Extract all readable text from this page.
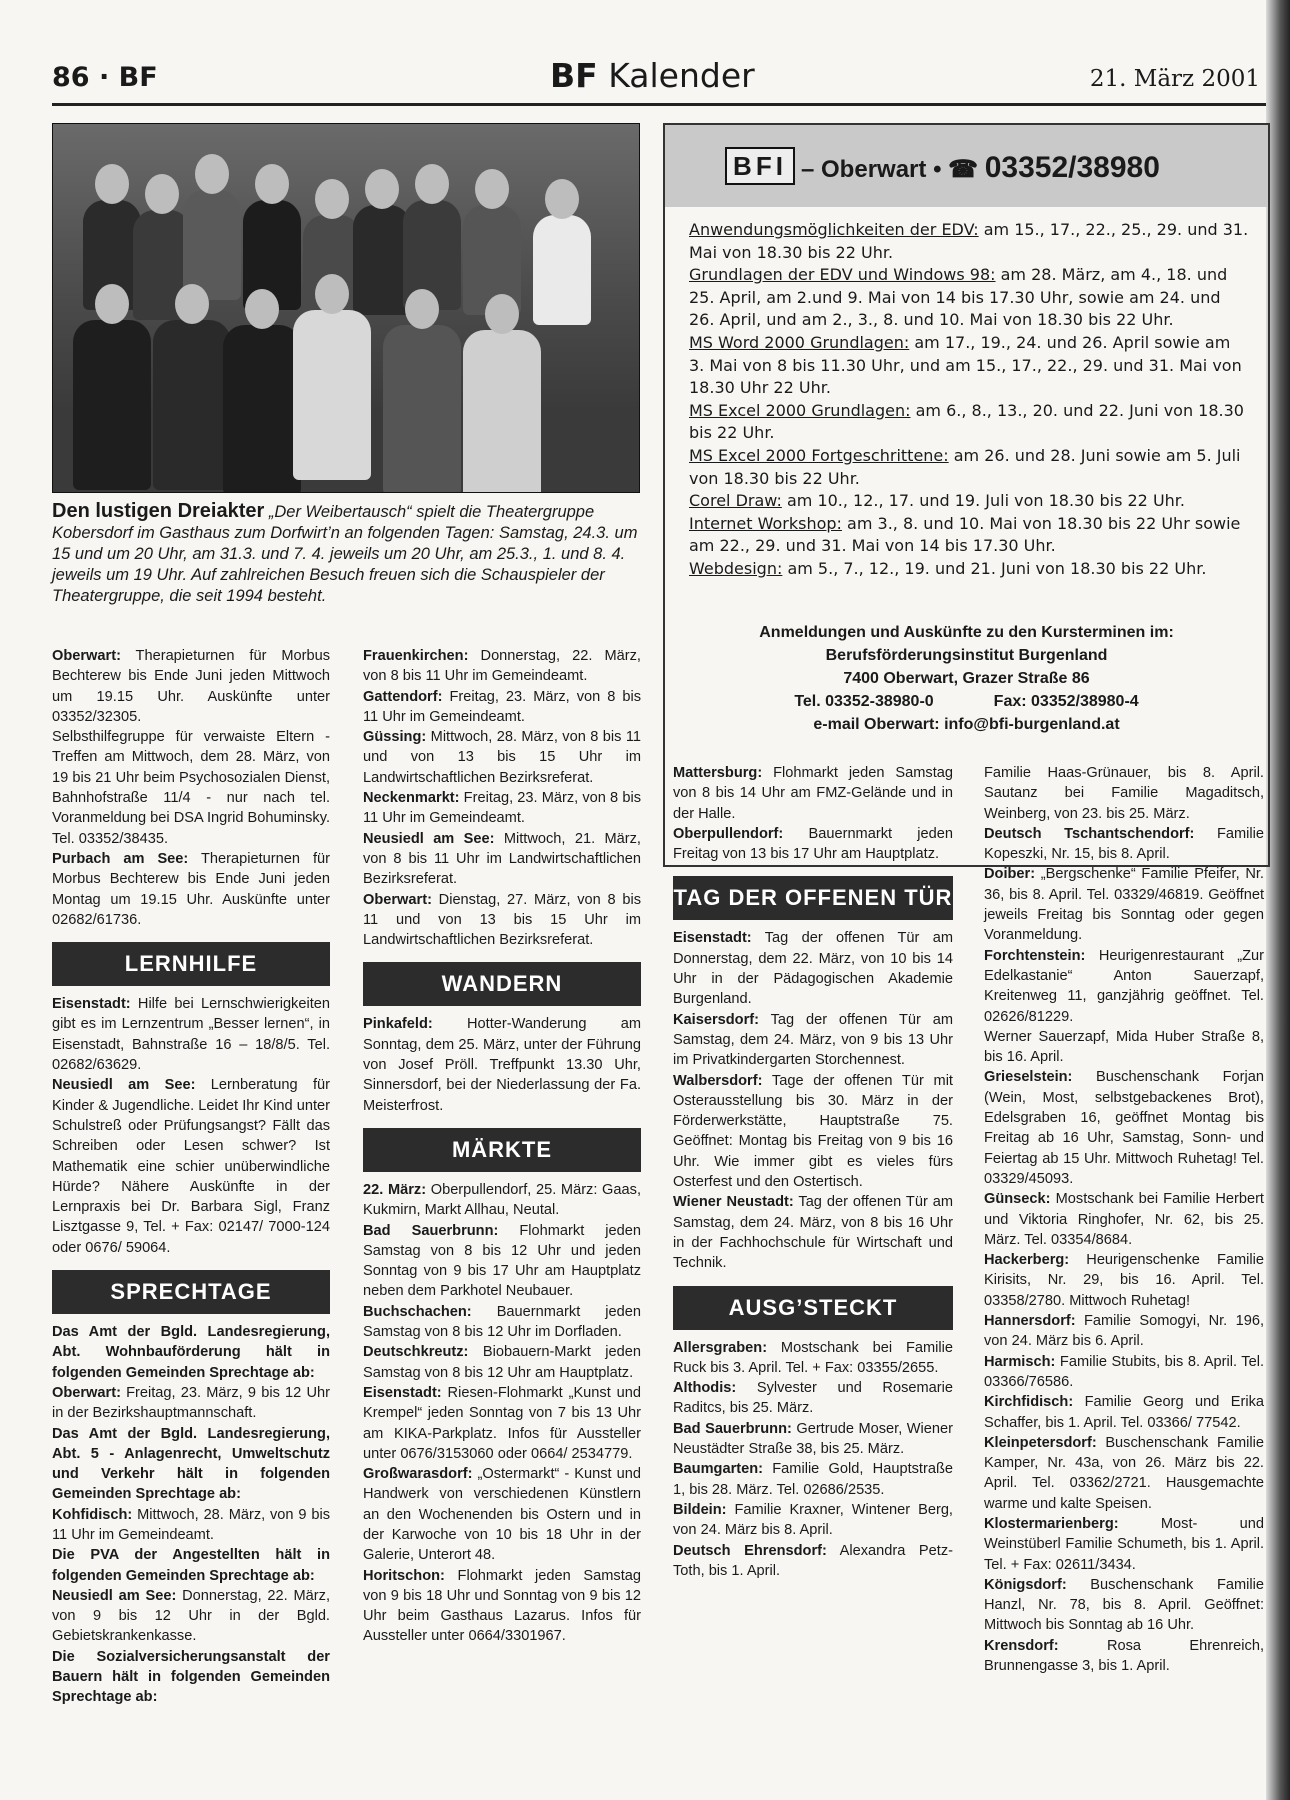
86 · BF	BF Kalender	21. März 2001
Den lustigen Dreiakter „Der Weibertausch“ spielt die Theatergruppe Kobersdorf im Gasthaus zum Dorfwirt’n an folgenden Tagen: Samstag, 24.3. um 15 und um 20 Uhr, am 31.3. und 7. 4. jeweils um 20 Uhr, am 25.3., 1. und 8. 4. jeweils um 19 Uhr. Auf zahlreichen Besuch freuen sich die Schauspieler der Theatergruppe, die seit 1994 besteht.

Oberwart: Therapieturnen für Morbus Bechterew bis Ende Juni jeden Mittwoch um 19.15 Uhr. Auskünfte unter 03352/32305.

Selbsthilfegruppe für verwaiste Eltern - Treffen am Mittwoch, dem 28. März, von 19 bis 21 Uhr beim Psychosozialen Dienst, Bahnhofstraße 11/4 - nur nach tel. Voranmeldung bei DSA Ingrid Bohuminsky. Tel. 03352/38435.

Purbach am See: Therapieturnen für Morbus Bechterew bis Ende Juni jeden Montag um 19.15 Uhr. Auskünfte unter 02682/61736.

LERNHILFE

Eisenstadt: Hilfe bei Lernschwierigkeiten gibt es im Lernzentrum „Besser lernen“, in Eisenstadt, Bahnstraße 16 – 18/8/5. Tel. 02682/63629.

Neusiedl am See: Lernberatung für Kinder & Jugendliche. Leidet Ihr Kind unter Schulstreß oder Prüfungsangst? Fällt das Schreiben oder Lesen schwer? Ist Mathematik eine schier unüberwindliche Hürde? Nähere Auskünfte in der Lernpraxis bei Dr. Barbara Sigl, Franz Lisztgasse 9, Tel. + Fax: 02147/ 7000-124 oder 0676/ 59064.

SPRECHTAGE

Das Amt der Bgld. Landesregierung, Abt. Wohnbauförderung hält in folgenden Gemeinden Sprechtage ab:

Oberwart: Freitag, 23. März, 9 bis 12 Uhr in der Bezirkshauptmannschaft.

Das Amt der Bgld. Landesregierung, Abt. 5 - Anlagenrecht, Umweltschutz und Verkehr hält in folgenden Gemeinden Sprechtage ab:

Kohfidisch: Mittwoch, 28. März, von 9 bis 11 Uhr im Gemeindeamt.

Die PVA der Angestellten hält in folgenden Gemeinden Sprechtage ab:

Neusiedl am See: Donnerstag, 22. März, von 9 bis 12 Uhr in der Bgld. Gebietskrankenkasse.

Die Sozialversicherungsanstalt der Bauern hält in folgenden Gemeinden Sprechtage ab:

Frauenkirchen: Donnerstag, 22. März, von 8 bis 11 Uhr im Gemeindeamt.

Gattendorf: Freitag, 23. März, von 8 bis 11 Uhr im Gemeindeamt.

Güssing: Mittwoch, 28. März, von 8 bis 11 und von 13 bis 15 Uhr im Landwirtschaftlichen Bezirksreferat.

Neckenmarkt: Freitag, 23. März, von 8 bis 11 Uhr im Gemeindeamt.

Neusiedl am See: Mittwoch, 21. März, von 8 bis 11 Uhr im Landwirtschaftlichen Bezirksreferat.

Oberwart: Dienstag, 27. März, von 8 bis 11 und von 13 bis 15 Uhr im Landwirtschaftlichen Bezirksreferat.

WANDERN

Pinkafeld: Hotter-Wanderung am Sonntag, dem 25. März, unter der Führung von Josef Pröll. Treffpunkt 13.30 Uhr, Sinnersdorf, bei der Niederlassung der Fa. Meisterfrost.

MÄRKTE

22. März: Oberpullendorf, 25. März: Gaas, Kukmirn, Markt Allhau, Neutal.

Bad Sauerbrunn: Flohmarkt jeden Samstag von 8 bis 12 Uhr und jeden Sonntag von 9 bis 17 Uhr am Hauptplatz neben dem Parkhotel Neubauer.

Buchschachen: Bauernmarkt jeden Samstag von 8 bis 12 Uhr im Dorfladen.

Deutschkreutz: Biobauern-Markt jeden Samstag von 8 bis 12 Uhr am Hauptplatz.

Eisenstadt: Riesen-Flohmarkt „Kunst und Krempel“ jeden Sonntag von 7 bis 13 Uhr am KIKA-Parkplatz. Infos für Aussteller unter 0676/3153060 oder 0664/ 2534779.

Großwarasdorf: „Ostermarkt“ - Kunst und Handwerk von verschiedenen Künstlern an den Wochenenden bis Ostern und in der Karwoche von 10 bis 18 Uhr in der Galerie, Unterort 48.

Horitschon: Flohmarkt jeden Samstag von 9 bis 18 Uhr und Sonntag von 9 bis 12 Uhr beim Gasthaus Lazarus. Infos für Aussteller unter 0664/3301967.

BFI – Oberwart • ☎ 03352/38980

Anwendungsmöglichkeiten der EDV: am 15., 17., 22., 25., 29. und 31. Mai von 18.30 bis 22 Uhr.

Grundlagen der EDV und Windows 98: am 28. März, am 4., 18. und 25. April, am 2.und 9. Mai von 14 bis 17.30 Uhr, sowie am 24. und 26. April, und am 2., 3., 8. und 10. Mai von 18.30 bis 22 Uhr.

MS Word 2000 Grundlagen: am 17., 19., 24. und 26. April sowie am 3. Mai von 8 bis 11.30 Uhr, und am 15., 17., 22., 29. und 31. Mai von 18.30 Uhr 22 Uhr.

MS Excel 2000 Grundlagen: am 6., 8., 13., 20. und 22. Juni von 18.30 bis 22 Uhr.

MS Excel 2000 Fortgeschrittene: am 26. und 28. Juni sowie am 5. Juli von 18.30 bis 22 Uhr.

Corel Draw: am 10., 12., 17. und 19. Juli von 18.30 bis 22 Uhr.

Internet Workshop: am 3., 8. und 10. Mai von 18.30 bis 22 Uhr sowie am 22., 29. und 31. Mai von 14 bis 17.30 Uhr.

Webdesign: am 5., 7., 12., 19. und 21. Juni von 18.30 bis 22 Uhr.

Anmeldungen und Auskünfte zu den Kursterminen im:
Berufsförderungsinstitut Burgenland
7400 Oberwart, Grazer Straße 86
Tel. 03352-38980-0	Fax: 03352/38980-4
e-mail Oberwart: info@bfi-burgenland.at

Mattersburg: Flohmarkt jeden Samstag von 8 bis 14 Uhr am FMZ-Gelände und in der Halle.

Oberpullendorf: Bauernmarkt jeden Freitag von 13 bis 17 Uhr am Hauptplatz.

TAG DER OFFENEN TÜR

Eisenstadt: Tag der offenen Tür am Donnerstag, dem 22. März, von 10 bis 14 Uhr in der Pädagogischen Akademie Burgenland.

Kaisersdorf: Tag der offenen Tür am Samstag, dem 24. März, von 9 bis 13 Uhr im Privatkindergarten Storchennest.

Walbersdorf: Tage der offenen Tür mit Osterausstellung bis 30. März in der Förderwerkstätte, Hauptstraße 75. Geöffnet: Montag bis Freitag von 9 bis 16 Uhr. Wie immer gibt es vieles fürs Osterfest und den Ostertisch.

Wiener Neustadt: Tag der offenen Tür am Samstag, dem 24. März, von 8 bis 16 Uhr in der Fachhochschule für Wirtschaft und Technik.

AUSG’STECKT

Allersgraben: Mostschank bei Familie Ruck bis 3. April. Tel. + Fax: 03355/2655.

Althodis: Sylvester und Rosemarie Raditcs, bis 25. März.

Bad Sauerbrunn: Gertrude Moser, Wiener Neustädter Straße 38, bis 25. März.

Baumgarten: Familie Gold, Hauptstraße 1, bis 28. März. Tel. 02686/2535.

Bildein: Familie Kraxner, Wintener Berg, von 24. März bis 8. April.

Deutsch Ehrensdorf: Alexandra Petz-Toth, bis 1. April.

Familie Haas-Grünauer, bis 8. April. Sautanz bei Familie Magaditsch, Weinberg, von 23. bis 25. März.

Deutsch Tschantschendorf: Familie Kopeszki, Nr. 15, bis 8. April.

Doiber: „Bergschenke“ Familie Pfeifer, Nr. 36, bis 8. April. Tel. 03329/46819. Geöffnet jeweils Freitag bis Sonntag oder gegen Voranmeldung.

Forchtenstein: Heurigenrestaurant „Zur Edelkastanie“ Anton Sauerzapf, Kreitenweg 11, ganzjährig geöffnet. Tel. 02626/81229.

Werner Sauerzapf, Mida Huber Straße 8, bis 16. April.

Grieselstein: Buschenschank Forjan (Wein, Most, selbstgebackenes Brot), Edelsgraben 16, geöffnet Montag bis Freitag ab 16 Uhr, Samstag, Sonn- und Feiertag ab 15 Uhr. Mittwoch Ruhetag! Tel. 03329/45093.

Günseck: Mostschank bei Familie Herbert und Viktoria Ringhofer, Nr. 62, bis 25. März. Tel. 03354/8684.

Hackerberg: Heurigenschenke Familie Kirisits, Nr. 29, bis 16. April. Tel. 03358/2780. Mittwoch Ruhetag!

Hannersdorf: Familie Somogyi, Nr. 196, von 24. März bis 6. April.

Harmisch: Familie Stubits, bis 8. April. Tel. 03366/76586.

Kirchfidisch: Familie Georg und Erika Schaffer, bis 1. April. Tel. 03366/ 77542.

Kleinpetersdorf: Buschenschank Familie Kamper, Nr. 43a, von 26. März bis 22. April. Tel. 03362/2721. Hausgemachte warme und kalte Speisen.

Klostermarienberg: Most- und Weinstüberl Familie Schumeth, bis 1. April. Tel. + Fax: 02611/3434.

Königsdorf: Buschenschank Familie Hanzl, Nr. 78, bis 8. April. Geöffnet: Mittwoch bis Sonntag ab 16 Uhr.

Krensdorf: Rosa Ehrenreich, Brunnengasse 3, bis 1. April.
